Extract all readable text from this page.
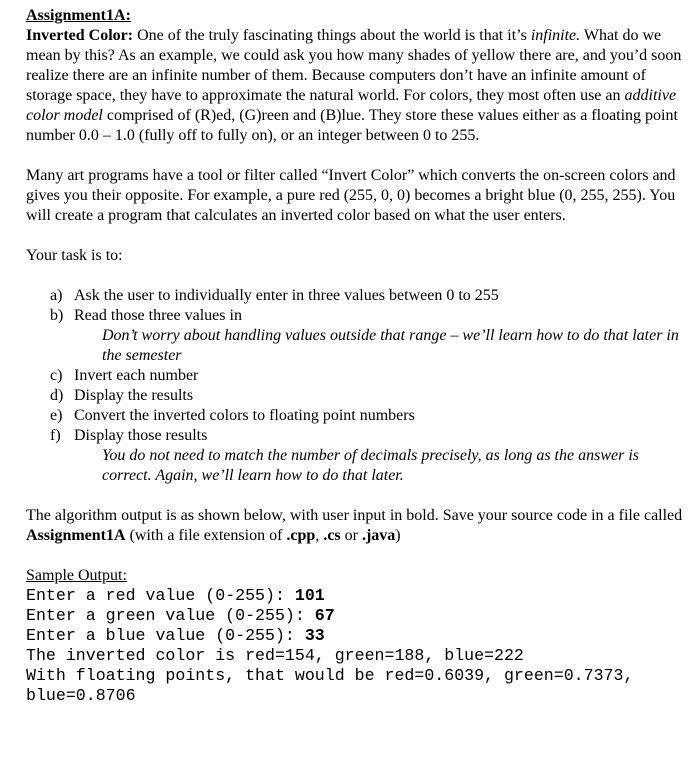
Assignment1A:

Inverted Color: One of the truly fascinating things about the world is that it’s infinite. What do we mean by this? As an example, we could ask you how many shades of yellow there are, and you’d soon realize there are an infinite number of them. Because computers don’t have an infinite amount of storage space, they have to approximate the natural world. For colors, they most often use an additive color model comprised of (R)ed, (G)reen and (B)lue. They store these values either as a floating point number 0.0 – 1.0 (fully off to fully on), or an integer between 0 to 255.

Many art programs have a tool or filter called “Invert Color” which converts the on-screen colors and gives you their opposite. For example, a pure red (255, 0, 0) becomes a bright blue (0, 255, 255). You will create a program that calculates an inverted color based on what the user enters.

Your task is to:

a) Ask the user to individually enter in three values between 0 to 255
b) Read those three values in

Don’t worry about handling values outside that range – we’ll learn how to do that later in the semester

c) Invert each number
d) Display the results
e) Convert the inverted colors to floating point numbers
f) Display those results

You do not need to match the number of decimals precisely, as long as the answer is correct. Again, we’ll learn how to do that later.

The algorithm output is as shown below, with user input in bold. Save your source code in a file called Assignment1A (with a file extension of .cpp, .cs or .java)

Sample Output:

Enter a red value (0-255): 101
Enter a green value (0-255): 67
Enter a blue value (0-255): 33
The inverted color is red=154, green=188, blue=222
With floating points, that would be red=0.6039, green=0.7373,
blue=0.8706
